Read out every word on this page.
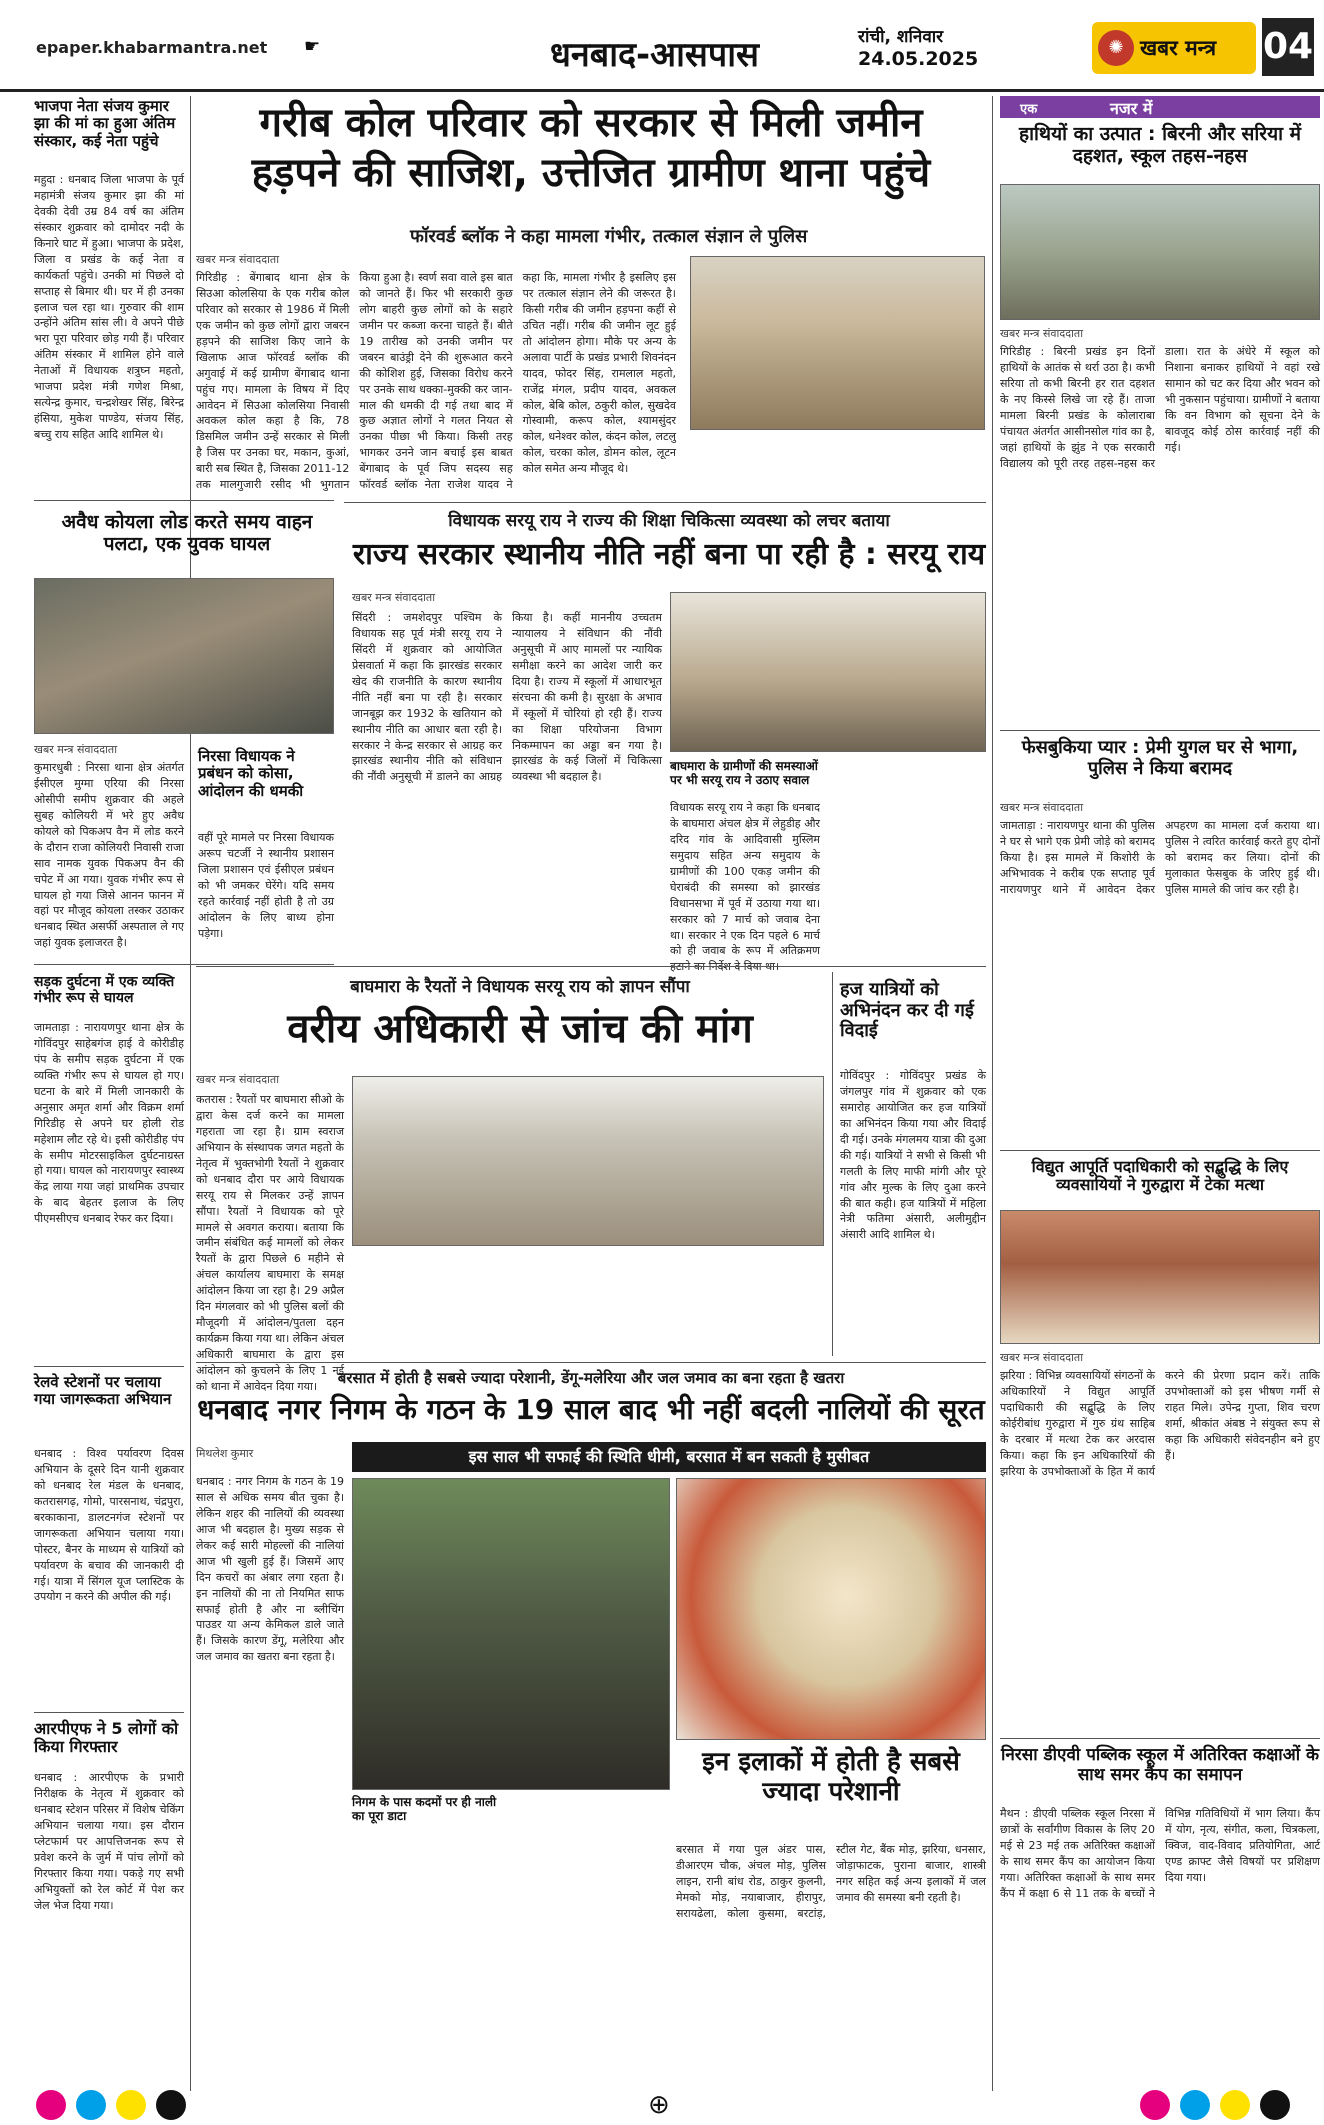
epaper.khabarmantra.net ☛	धनबाद-आसपास	रांची, शनिवार
24.05.2025
✺ खबर मन्त्र 04
भाजपा नेता संजय कुमार झा की मां का हुआ अंतिम संस्कार, कई नेता पहुंचे
महुदा : धनबाद जिला भाजपा के पूर्व महामंत्री संजय कुमार झा की मां देवकी देवी उम्र 84 वर्ष का अंतिम संस्कार शुक्रवार को दामोदर नदी के किनारे घाट में हुआ। भाजपा के प्रदेश, जिला व प्रखंड के कई नेता व कार्यकर्ता पहुंचे। उनकी मां पिछले दो सप्ताह से बिमार थी। घर में ही उनका इलाज चल रहा था। गुरुवार की शाम उन्होंने अंतिम सांस ली। वे अपने पीछे भरा पूरा परिवार छोड़ गयी हैं। परिवार अंतिम संस्कार में शामिल होने वाले नेताओं में विधायक शत्रुघ्न महतो, भाजपा प्रदेश मंत्री गणेश मिश्रा, सत्येन्द्र कुमार, चन्द्रशेखर सिंह, बिरेन्द्र हंसिया, मुकेश पाण्डेय, संजय सिंह, बच्चु राय सहित आदि शामिल थे।
अवैध कोयला लोड करते समय वाहन पलटा, एक युवक घायल
खबर मन्त्र संवाददाता
कुमारधुबी : निरसा थाना क्षेत्र अंतर्गत ईसीएल मुग्मा एरिया की निरसा ओसीपी समीप शुक्रवार की अहले सुबह कोलियरी में भरे हुए अवैध कोयले को पिकअप वैन में लोड करने के दौरान राजा कोलियरी निवासी राजा साव नामक युवक पिकअप वैन की चपेट में आ गया। युवक गंभीर रूप से घायल हो गया जिसे आनन फानन में वहां पर मौजूद कोयला तस्कर उठाकर धनबाद स्थित असर्फी अस्पताल ले गए जहां युवक इलाजरत है।
निरसा विधायक ने प्रबंधन को कोसा, आंदोलन की धमकी
वहीं पूरे मामले पर निरसा विधायक अरूप चटर्जी ने स्थानीय प्रशासन जिला प्रशासन एवं ईसीएल प्रबंधन को भी जमकर घेरेंगे। यदि समय रहते कार्रवाई नहीं होती है तो उग्र आंदोलन के लिए बाध्य होना पड़ेगा।
सड़क दुर्घटना में एक व्यक्ति गंभीर रूप से घायल
जामताड़ा : नारायणपुर थाना क्षेत्र के गोविंदपुर साहेबगंज हाई वे कोरीडीह पंप के समीप सड़क दुर्घटना में एक व्यक्ति गंभीर रूप से घायल हो गए। घटना के बारे में मिली जानकारी के अनुसार अमृत शर्मा और विक्रम शर्मा गिरिडीह से अपने घर होली रोड महेशाम लौट रहे थे। इसी कोरीडीह पंप के समीप मोटरसाइकिल दुर्घटनाग्रस्त हो गया। घायल को नारायणपुर स्वास्थ्य केंद्र लाया गया जहां प्राथमिक उपचार के बाद बेहतर इलाज के लिए पीएमसीएच धनबाद रेफर कर दिया।
रेलवे स्टेशनों पर चलाया गया जागरूकता अभियान
धनबाद : विश्व पर्यावरण दिवस अभियान के दूसरे दिन यानी शुक्रवार को धनबाद रेल मंडल के धनबाद, कतरासगढ़, गोमो, पारसनाथ, चंद्रपुरा, बरकाकाना, डालटनगंज स्टेशनों पर जागरूकता अभियान चलाया गया। पोस्टर, बैनर के माध्यम से यात्रियों को पर्यावरण के बचाव की जानकारी दी गई। यात्रा में सिंगल यूज प्लास्टिक के उपयोग न करने की अपील की गई।
आरपीएफ ने 5 लोगों को किया गिरफ्तार
धनबाद : आरपीएफ के प्रभारी निरीक्षक के नेतृत्व में शुक्रवार को धनबाद स्टेशन परिसर में विशेष चेकिंग अभियान चलाया गया। इस दौरान प्लेटफार्म पर आपत्तिजनक रूप से प्रवेश करने के जुर्म में पांच लोगों को गिरफ्तार किया गया। पकड़े गए सभी अभियुक्तों को रेल कोर्ट में पेश कर जेल भेज दिया गया।
गरीब कोल परिवार को सरकार से मिली जमीन
हड़पने की साजिश, उत्तेजित ग्रामीण थाना पहुंचे
फॉरवर्ड ब्लॉक ने कहा मामला गंभीर, तत्काल संज्ञान ले पुलिस
खबर मन्त्र संवाददाता
गिरिडीह : बेंगाबाद थाना क्षेत्र के सिउआ कोलसिया के एक गरीब कोल परिवार को सरकार से 1986 में मिली एक जमीन को कुछ लोगों द्वारा जबरन हड़पने की साजिश किए जाने के खिलाफ आज फॉरवर्ड ब्लॉक की अगुवाई में कई ग्रामीण बेंगाबाद थाना पहुंच गए। मामला के विषय में दिए आवेदन में सिउआ कोलसिया निवासी अवकल कोल कहा है कि, 78 डिसमिल जमीन उन्हें सरकार से मिली है जिस पर उनका घर, मकान, कुआं, बारी सब स्थित है, जिसका 2011-12 तक मालगुजारी रसीद भी भुगतान किया हुआ है। स्वर्ण सवा वाले इस बात को जानते हैं। फिर भी सरकारी कुछ लोग बाहरी कुछ लोगों को के सहारे जमीन पर कब्जा करना चाहते हैं। बीते 19 तारीख को उनकी जमीन पर जबरन बाउंड्री देने की शुरूआत करने की कोशिश हुई, जिसका विरोध करने पर उनके साथ धक्का-मुक्की कर जान-माल की धमकी दी गई तथा बाद में कुछ अज्ञात लोगों ने गलत नियत से उनका पीछा भी किया। किसी तरह भागकर उनने जान बचाई इस बाबत बेंगाबाद के पूर्व जिप सदस्य सह फॉरवर्ड ब्लॉक नेता राजेश यादव ने कहा कि, मामला गंभीर है इसलिए इस पर तत्काल संज्ञान लेने की जरूरत है। किसी गरीब की जमीन हड़पना कहीं से उचित नहीं। गरीब की जमीन लूट हुई तो आंदोलन होगा। मौके पर अन्य के अलावा पार्टी के प्रखंड प्रभारी शिवनंदन यादव, फोदर सिंह, रामलाल महतो, राजेंद्र मंगल, प्रदीप यादव, अवकल कोल, बेबि कोल, ठकुरी कोल, सुखदेव गोस्वामी, करूप कोल, श्यामसुंदर कोल, धनेश्वर कोल, कंदन कोल, लटलु कोल, चरका कोल, डोमन कोल, लूटन कोल समेत अन्य मौजूद थे।
विधायक सरयू राय ने राज्य की शिक्षा चिकित्सा व्यवस्था को लचर बताया
राज्य सरकार स्थानीय नीति नहीं बना पा रही है : सरयू राय
खबर मन्त्र संवाददाता
सिंदरी : जमशेदपुर पश्चिम के विधायक सह पूर्व मंत्री सरयू राय ने सिंदरी में शुक्रवार को आयोजित प्रेसवार्ता में कहा कि झारखंड सरकार खेद की राजनीति के कारण स्थानीय नीति नहीं बना पा रही है। सरकार जानबूझ कर 1932 के खतियान को स्थानीय नीति का आधार बता रही है। सरकार ने केन्द्र सरकार से आग्रह कर झारखंड स्थानीय नीति को संविधान की नौंवी अनुसूची में डालने का आग्रह किया है। कहीं माननीय उच्चतम न्यायालय ने संविधान की नौंवी अनुसूची में आए मामलों पर न्यायिक समीक्षा करने का आदेश जारी कर दिया है। राज्य में स्कूलों में आधारभूत संरचना की कमी है। सुरक्षा के अभाव में स्कूलों में चोरियां हो रही हैं। राज्य का शिक्षा परियोजना विभाग निकम्मापन का अड्डा बन गया है। झारखंड के कई जिलों में चिकित्सा व्यवस्था भी बदहाल है।
बाघमारा के ग्रामीणों की समस्याओं पर भी सरयू राय ने उठाए सवाल
विधायक सरयू राय ने कहा कि धनबाद के बाघमारा अंचल क्षेत्र में लेहुडीह और दरिद गांव के आदिवासी मुस्लिम समुदाय सहित अन्य समुदाय के ग्रामीणों की 100 एकड़ जमीन की घेराबंदी की समस्या को झारखंड विधानसभा में पूर्व में उठाया गया था। सरकार को 7 मार्च को जवाब देना था। सरकार ने एक दिन पहले 6 मार्च को ही जवाब के रूप में अतिक्रमण
बाघमारा के रैयतों ने विधायक सरयू राय को ज्ञापन सौंपा
वरीय अधिकारी से जांच की मांग
खबर मन्त्र संवाददाता
कतरास : रैयतों पर बाघमारा सीओ के द्वारा केस दर्ज करने का मामला गहराता जा रहा है। ग्राम स्वराज अभियान के संस्थापक जगत महतो के नेतृत्व में भुक्तभोगी रैयतों ने शुक्रवार को धनबाद दौरा पर आये विधायक सरयू राय से मिलकर उन्हें ज्ञापन सौंपा। रैयतों ने विधायक को पूरे मामले से अवगत कराया। बताया कि जमीन संबंधित कई मामलों को लेकर रैयतों के द्वारा पिछले 6 महीने से अंचल कार्यालय बाघमारा के समक्ष आंदोलन किया जा रहा है। 29 अप्रैल दिन मंगलवार को भी पुलिस बलों की मौजूदगी में आंदोलन/पुतला दहन कार्यक्रम किया गया था। लेकिन अंचल अधिकारी बाघमारा के द्वारा इस आंदोलन को कुचलने के लिए 1 नई को थाना में आवेदन दिया गया।
हज यात्रियों को अभिनंदन कर दी गई विदाई
गोविंदपुर : गोविंदपुर प्रखंड के जंगलपुर गांव में शुक्रवार को एक समारोह आयोजित कर हज यात्रियों का अभिनंदन किया गया और विदाई दी गई। उनके मंगलमय यात्रा की दुआ की गई। यात्रियों ने सभी से किसी भी गलती के लिए माफी मांगी और पूरे गांव और मुल्क के लिए दुआ करने की बात कही। हज यात्रियों में महिला नेत्री फतिमा अंसारी, अलीमुद्दीन अंसारी आदि शामिल थे।
बरसात में होती है सबसे ज्यादा परेशानी, डेंगू-मलेरिया और जल जमाव का बना रहता है खतरा
धनबाद नगर निगम के गठन के 19 साल बाद भी नहीं बदली नालियों की सूरत
मिथलेश कुमार	इस साल भी सफाई की स्थिति धीमी, बरसात में बन सकती है मुसीबत
धनबाद : नगर निगम के गठन के 19 साल से अधिक समय बीत चुका है। लेकिन शहर की नालियों की व्यवस्था आज भी बदहाल है। मुख्य सड़क से लेकर कई सारी मोहल्लों की नालियां आज भी खुली हुई हैं। जिसमें आए दिन कचरों का अंबार लगा रहता है। इन नालियों की ना तो नियमित साफ सफाई होती है और ना ब्लीचिंग पाउडर या अन्य केमिकल डाले जाते हैं। जिसके कारण डेंगू, मलेरिया और जल जमाव का खतरा बना रहता है।
इन इलाकों में होती है सबसे ज्यादा परेशानी
निगम के पास कदमों पर ही नाली का पूरा डाटा
बरसात में गया पुल अंडर पास, डीआरएम चौक, अंचल मोड़, पुलिस लाइन, रानी बांध रोड, ठाकुर कुलनी, मेमको मोड़, नयाबाजार, हीरापुर, सरायढेला, कोला कुसमा, बरटांड़, स्टील गेट, बैंक मोड़, झरिया, धनसार, जोड़ाफाटक, पुराना बाजार, शास्त्री नगर सहित कई अन्य इलाकों में जल जमाव की समस्या बनी रहती है।
एक	नजर में
हाथियों का उत्पात : बिरनी और सरिया में दहशत, स्कूल तहस-नहस
खबर मन्त्र संवाददाता
गिरिडीह : बिरनी प्रखंड इन दिनों हाथियों के आतंक से थर्रा उठा है। कभी सरिया तो कभी बिरनी हर रात दहशत के नए किस्से लिखे जा रहे हैं। ताजा मामला बिरनी प्रखंड के कोलाराबा पंचायत अंतर्गत आसीनसोल गांव का है, जहां हाथियों के झुंड ने एक सरकारी विद्यालय को पूरी तरह तहस-नहस कर डाला। रात के अंधेरे में स्कूल को निशाना बनाकर हाथियों ने वहां रखे सामान को चट कर दिया और भवन को भी नुकसान पहुंचाया। ग्रामीणों ने बताया कि वन विभाग को सूचना देने के बावजूद कोई ठोस कार्रवाई नहीं की गई।
फेसबुकिया प्यार : प्रेमी युगल घर से भागा, पुलिस ने किया बरामद
खबर मन्त्र संवाददाता
जामताड़ा : नारायणपुर थाना की पुलिस ने घर से भागे एक प्रेमी जोड़े को बरामद किया है। इस मामले में किशोरी के अभिभावक ने करीब एक सप्ताह पूर्व नारायणपुर थाने में आवेदन देकर अपहरण का मामला दर्ज कराया था। पुलिस ने त्वरित कार्रवाई करते हुए दोनों को बरामद कर लिया। दोनों की मुलाकात फेसबुक के जरिए हुई थी। पुलिस मामले की जांच कर रही है।
विद्युत आपूर्ति पदाधिकारी को सद्बुद्धि के लिए व्यवसायियों ने गुरुद्वारा में टेका मत्था
खबर मन्त्र संवाददाता
झरिया : विभिन्न व्यवसायियों संगठनों के अधिकारियों ने विद्युत आपूर्ति पदाधिकारी की सद्बुद्धि के लिए कोईरीबांध गुरुद्वारा में गुरु ग्रंथ साहिब के दरबार में मत्था टेक कर अरदास किया। कहा कि इन अधिकारियों की झरिया के उपभोक्ताओं के हित में कार्य करने की प्रेरणा प्रदान करें। ताकि उपभोक्ताओं को इस भीषण गर्मी से राहत मिले। उपेन्द्र गुप्ता, शिव चरण शर्मा, श्रीकांत अंबष्ठ ने संयुक्त रूप से कहा कि अधिकारी संवेदनहीन बने हुए हैं।
निरसा डीएवी पब्लिक स्कूल में अतिरिक्त कक्षाओं के साथ समर कैंप का समापन
मैथन : डीएवी पब्लिक स्कूल निरसा में छात्रों के सर्वांगीण विकास के लिए 20 मई से 23 मई तक अतिरिक्त कक्षाओं के साथ समर कैंप का आयोजन किया गया। अतिरिक्त कक्षाओं के साथ समर कैंप में कक्षा 6 से 11 तक के बच्चों ने विभिन्न गतिविधियों में भाग लिया। कैंप में योग, नृत्य, संगीत, कला, चित्रकला, क्विज, वाद-विवाद प्रतियोगिता, आर्ट एण्ड क्राफ्ट जैसे विषयों पर प्रशिक्षण दिया गया।
⊕
